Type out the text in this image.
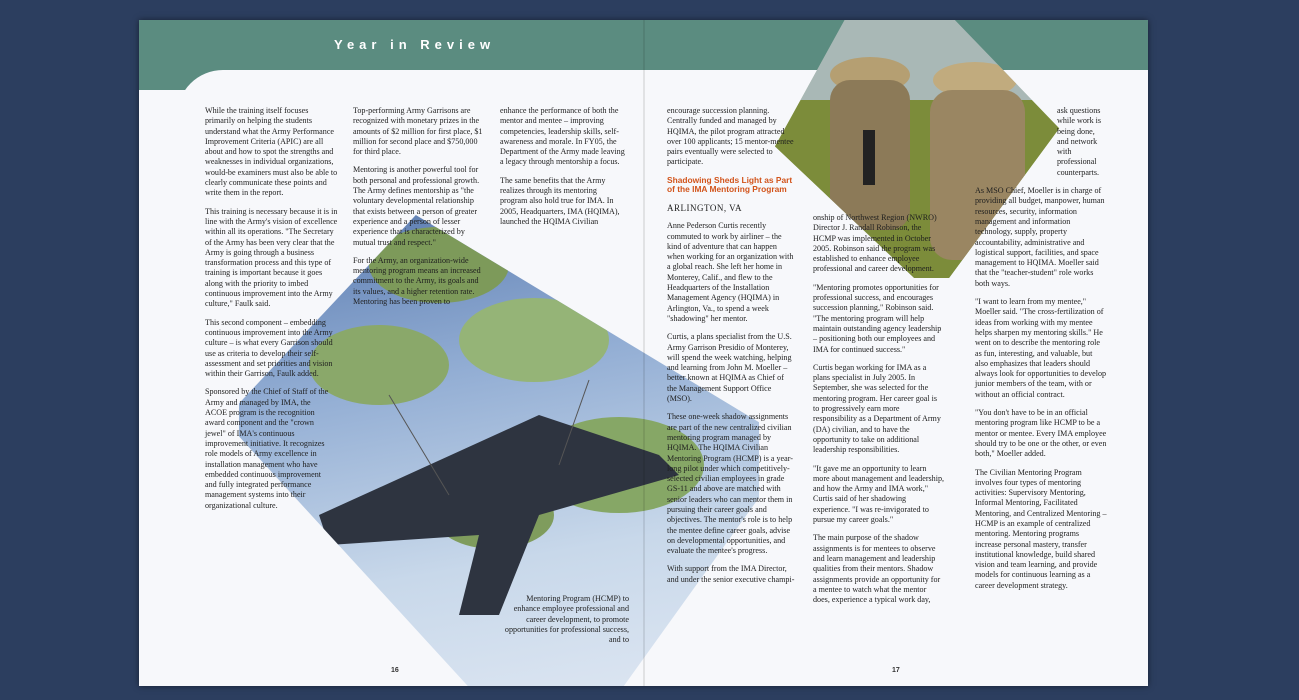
Year in Review

While the training itself focuses primarily on helping the students understand what the Army Performance Improvement Criteria (APIC) are all about and how to spot the strengths and weaknesses in individual organizations, would-be examiners must also be able to clearly communicate these points and write them in the report.

This training is necessary because it is in line with the Army's vision of excellence within all its operations. "The Secretary of the Army has been very clear that the Army is going through a business transformation process and this type of training is important because it goes along with the priority to imbed continuous improvement into the Army culture," Faulk said.

This second component – embedding continuous improvement into the Army culture – is what every Garrison should use as criteria to develop their self-assessment and set priorities and vision within their Garrison, Faulk added.

Sponsored by the Chief of Staff of the Army and managed by IMA, the ACOE program is the recognition award component and the "crown jewel" of IMA's continuous improvement initiative. It recognizes role models of Army excellence in installation management who have embedded continuous improvement and fully integrated performance management systems into their organizational culture.

Top-performing Army Garrisons are recognized with monetary prizes in the amounts of $2 million for first place, $1 million for second place and $750,000 for third place.

Mentoring is another powerful tool for both personal and professional growth. The Army defines mentorship as "the voluntary developmental relationship that exists between a person of greater experience and a person of lesser experience that is characterized by mutual trust and respect."

For the Army, an organization-wide mentoring program means an increased commitment to the Army, its goals and its values, and a higher retention rate. Mentoring has been proven to

enhance the performance of both the mentor and mentee – improving competencies, leadership skills, self-awareness and morale. In FY05, the Department of the Army made leaving a legacy through mentorship a focus.

The same benefits that the Army realizes through its mentoring program also hold true for IMA. In 2005, Headquarters, IMA (HQIMA), launched the HQIMA Civilian

Mentoring Program (HCMP) to enhance employee professional and career development, to promote opportunities for professional success, and to

16

encourage succession planning. Centrally funded and managed by HQIMA, the pilot program attracted over 100 applicants; 15 mentor-mentee pairs eventually were selected to participate.

Shadowing Sheds Light as Part of the IMA Mentoring Program

ARLINGTON, VA

Anne Pederson Curtis recently commuted to work by airliner – the kind of adventure that can happen when working for an organization with a global reach. She left her home in Monterey, Calif., and flew to the Headquarters of the Installation Management Agency (HQIMA) in Arlington, Va., to spend a week "shadowing" her mentor.

Curtis, a plans specialist from the U.S. Army Garrison Presidio of Monterey, will spend the week watching, helping and learning from John M. Moeller – better known at HQIMA as Chief of the Management Support Office (MSO).

These one-week shadow assignments are part of the new centralized civilian mentoring program managed by HQIMA. The HQIMA Civilian Mentoring Program (HCMP) is a year-long pilot under which competitively-selected civilian employees in grade GS-11 and above are matched with senior leaders who can mentor them in pursuing their career goals and objectives. The mentor's role is to help the mentee define career goals, advise on developmental opportunities, and evaluate the mentee's progress.

With support from the IMA Director, and under the senior executive champi-

onship of Northwest Region (NWRO) Director J. Randall Robinson, the HCMP was implemented in October 2005. Robinson said the program was established to enhance employee professional and career development.

"Mentoring promotes opportunities for professional success, and encourages succession planning," Robinson said. "The mentoring program will help maintain outstanding agency leadership – positioning both our employees and IMA for continued success."

Curtis began working for IMA as a plans specialist in July 2005. In September, she was selected for the mentoring program. Her career goal is to progressively earn more responsibility as a Department of Army (DA) civilian, and to have the opportunity to take on additional leadership responsibilities.

"It gave me an opportunity to learn more about management and leadership, and how the Army and IMA work," Curtis said of her shadowing experience. "I was re-invigorated to pursue my career goals."

The main purpose of the shadow assignments is for mentees to observe and learn management and leadership qualities from their mentors. Shadow assignments provide an opportunity for a mentee to watch what the mentor does, experience a typical work day,

ask questions while work is being done, and network with professional counterparts.

As MSO Chief, Moeller is in charge of providing all budget, manpower, human resources, security, information management and information technology, supply, property accountability, administrative and logistical support, facilities, and space management to HQIMA. Moeller said that the "teacher-student" role works both ways.

"I want to learn from my mentee," Moeller said. "The cross-fertilization of ideas from working with my mentee helps sharpen my mentoring skills." He went on to describe the mentoring role as fun, interesting, and valuable, but also emphasizes that leaders should always look for opportunities to develop junior members of the team, with or without an official contract.

"You don't have to be in an official mentoring program like HCMP to be a mentor or mentee. Every IMA employee should try to be one or the other, or even both," Moeller added.

The Civilian Mentoring Program involves four types of mentoring activities: Supervisory Mentoring, Informal Mentoring, Facilitated Mentoring, and Centralized Mentoring – HCMP is an example of centralized mentoring. Mentoring programs increase personal mastery, transfer institutional knowledge, build shared vision and team learning, and provide models for continuous learning as a career development strategy.

17
